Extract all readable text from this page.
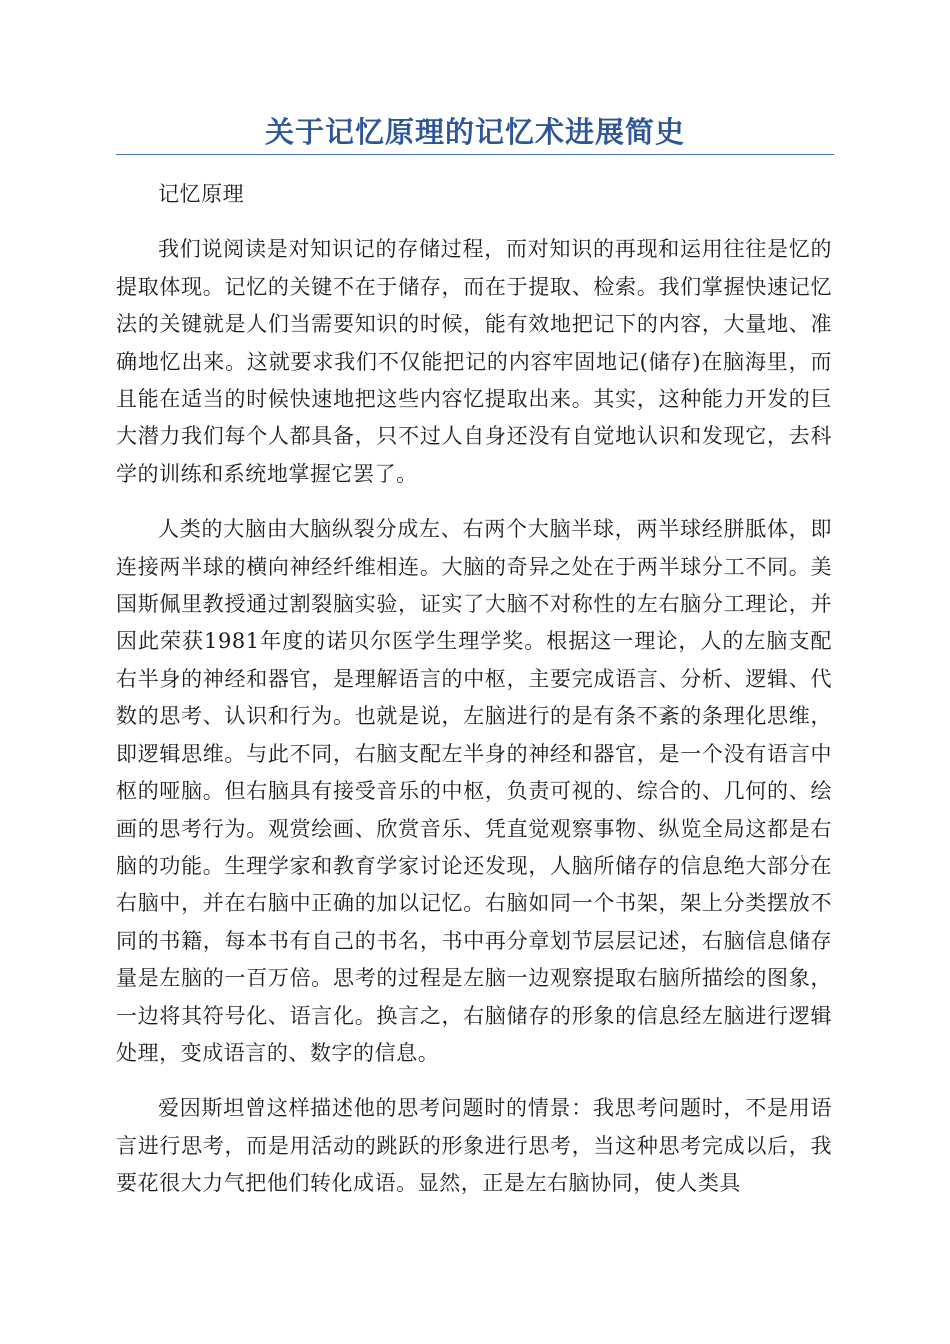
关于记忆原理的记忆术进展简史

记忆原理

我们说阅读是对知识记的存储过程，而对知识的再现和运用往往是忆的提取体现。记忆的关键不在于储存，而在于提取、检索。我们掌握快速记忆法的关键就是人们当需要知识的时候，能有效地把记下的内容，大量地、准确地忆出来。这就要求我们不仅能把记的内容牢固地记(储存)在脑海里，而且能在适当的时候快速地把这些内容忆提取出来。其实，这种能力开发的巨大潜力我们每个人都具备，只不过人自身还没有自觉地认识和发现它，去科学的训练和系统地掌握它罢了。

人类的大脑由大脑纵裂分成左、右两个大脑半球，两半球经胼胝体，即连接两半球的横向神经纤维相连。大脑的奇异之处在于两半球分工不同。美国斯佩里教授通过割裂脑实验，证实了大脑不对称性的左右脑分工理论，并因此荣获1981年度的诺贝尔医学生理学奖。根据这一理论，人的左脑支配右半身的神经和器官，是理解语言的中枢，主要完成语言、分析、逻辑、代数的思考、认识和行为。也就是说，左脑进行的是有条不紊的条理化思维，即逻辑思维。与此不同，右脑支配左半身的神经和器官，是一个没有语言中枢的哑脑。但右脑具有接受音乐的中枢，负责可视的、综合的、几何的、绘画的思考行为。观赏绘画、欣赏音乐、凭直觉观察事物、纵览全局这都是右脑的功能。生理学家和教育学家讨论还发现，人脑所储存的信息绝大部分在右脑中，并在右脑中正确的加以记忆。右脑如同一个书架，架上分类摆放不同的书籍，每本书有自己的书名，书中再分章划节层层记述，右脑信息储存量是左脑的一百万倍。思考的过程是左脑一边观察提取右脑所描绘的图象，一边将其符号化、语言化。换言之，右脑储存的形象的信息经左脑进行逻辑处理，变成语言的、数字的信息。

爱因斯坦曾这样描述他的思考问题时的情景：我思考问题时，不是用语言进行思考，而是用活动的跳跃的形象进行思考，当这种思考完成以后，我要花很大力气把他们转化成语。显然，正是左右脑协同，使人类具
